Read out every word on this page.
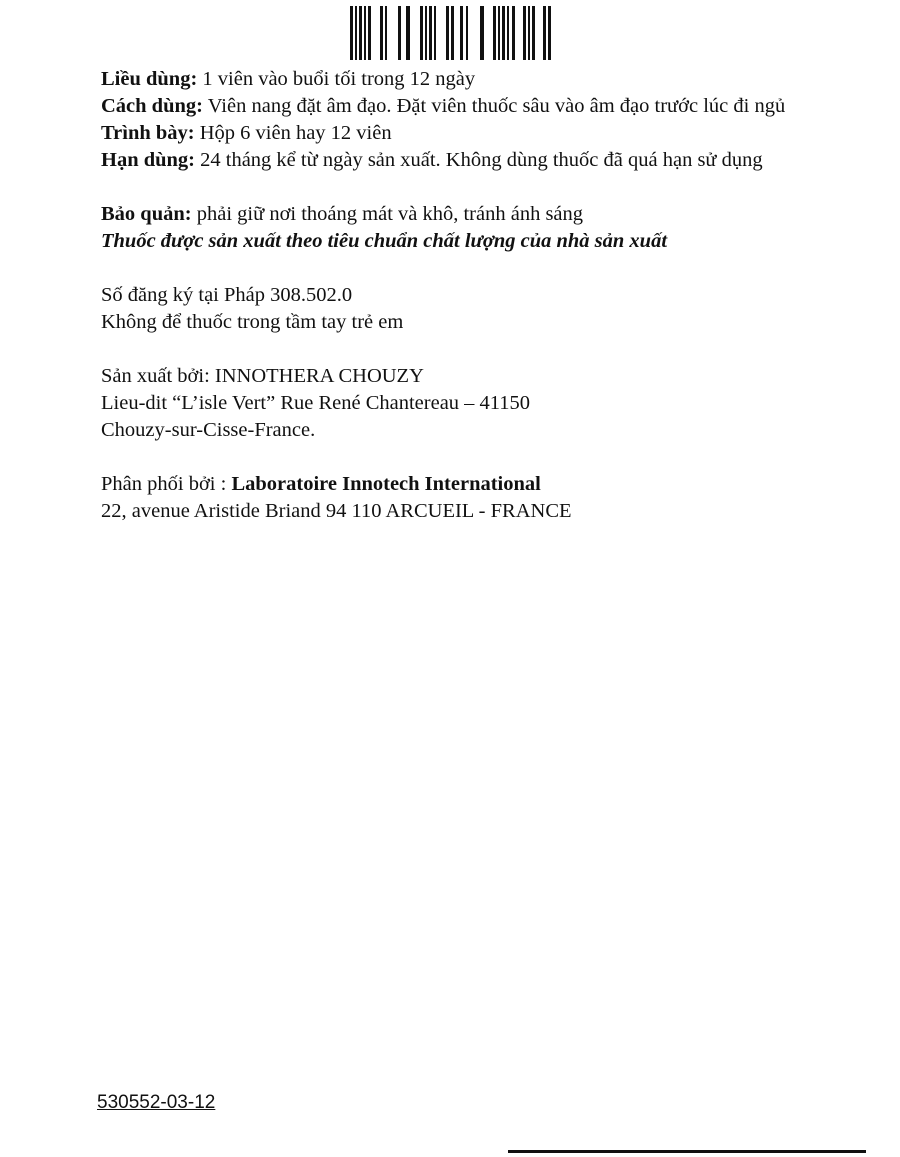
Liều dùng: 1 viên vào buổi tối trong 12 ngày

Cách dùng: Viên nang đặt âm đạo. Đặt viên thuốc sâu vào âm đạo trước lúc đi ngủ

Trình bày: Hộp 6 viên hay 12 viên

Hạn dùng: 24 tháng kể từ ngày sản xuất. Không dùng thuốc đã quá hạn sử dụng

Bảo quản: phải giữ nơi thoáng mát và khô, tránh ánh sáng

Thuốc được sản xuất theo tiêu chuẩn chất lượng của nhà sản xuất

Số đăng ký tại Pháp 308.502.0

Không để thuốc trong tầm tay trẻ em

Sản xuất bởi: INNOTHERA CHOUZY

Lieu-dit “L’isle Vert” Rue René Chantereau – 41150

Chouzy-sur-Cisse-France.

Phân phối bởi : Laboratoire Innotech International

22, avenue Aristide Briand 94 110 ARCUEIL - FRANCE

530552-03-12
